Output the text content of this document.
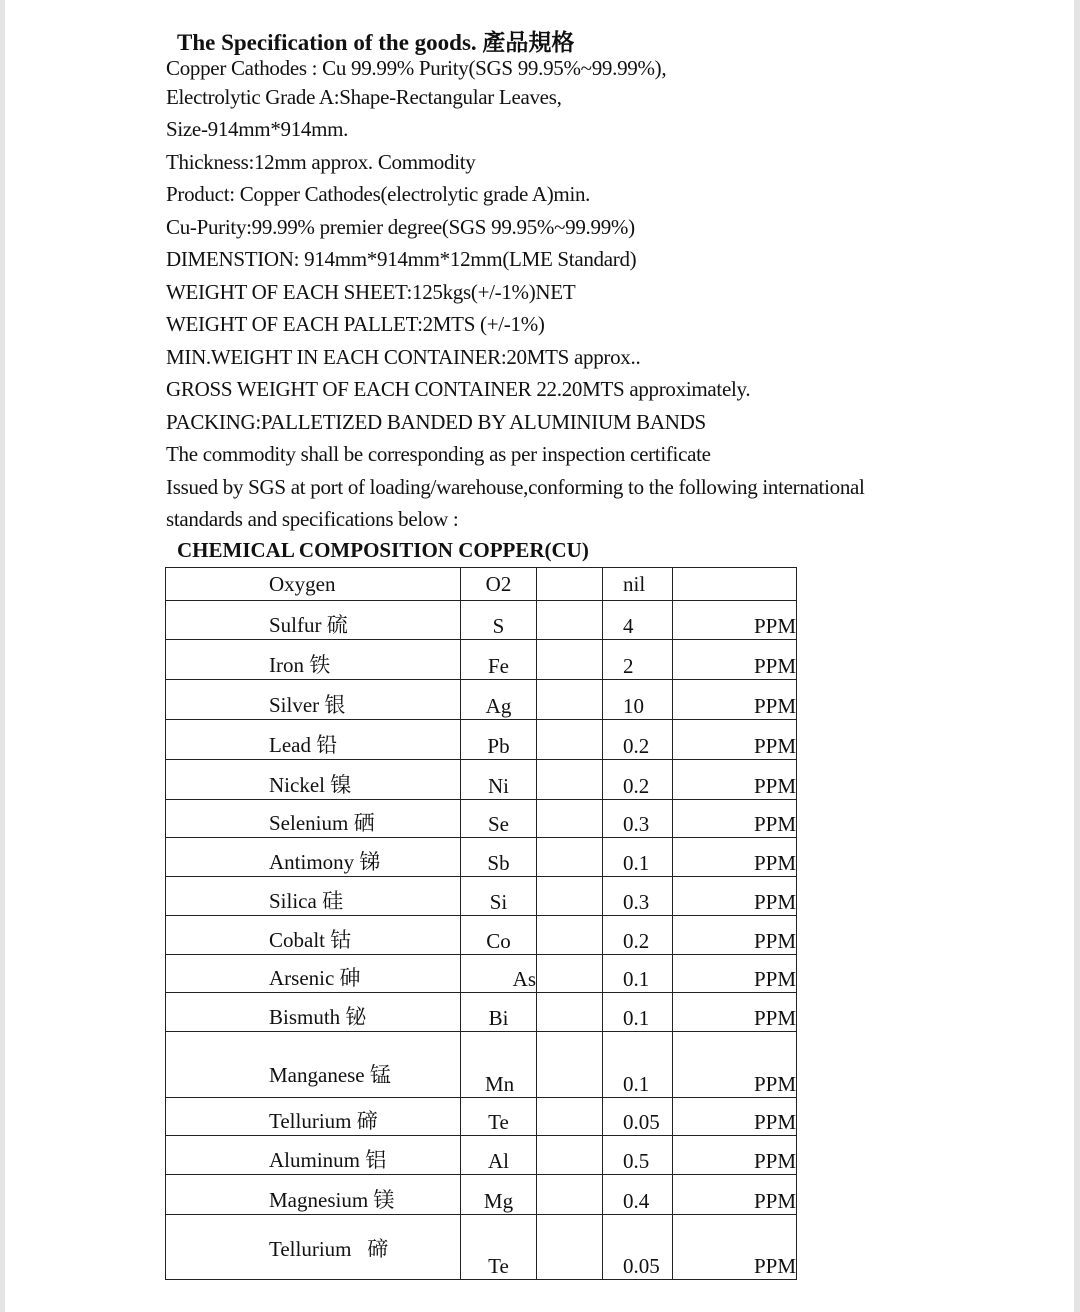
The Specification of the goods. 產品規格
Copper Cathodes : Cu 99.99% Purity(SGS 99.95%~99.99%),
Electrolytic Grade A:Shape-Rectangular Leaves,
Size-914mm*914mm.
Thickness:12mm approx. Commodity
Product: Copper Cathodes(electrolytic grade A)min.
Cu-Purity:99.99% premier degree(SGS 99.95%~99.99%)
DIMENSTION: 914mm*914mm*12mm(LME Standard)
WEIGHT OF EACH SHEET:125kgs(+/-1%)NET
WEIGHT OF EACH PALLET:2MTS (+/-1%)
MIN.WEIGHT IN EACH CONTAINER:20MTS approx..
GROSS WEIGHT OF EACH CONTAINER 22.20MTS approximately.
PACKING:PALLETIZED BANDED BY ALUMINIUM BANDS
The commodity shall be corresponding as per inspection certificate
Issued by SGS at port of loading/warehouse,conforming to the following international
standards and specifications below :
CHEMICAL COMPOSITION COPPER(CU)
Oxygen	O2		nil	
Sulfur 硫	S		4	PPM
Iron 铁	Fe		2	PPM
Silver 银	Ag		10	PPM
Lead 铅	Pb		0.2	PPM
Nickel 镍	Ni		0.2	PPM
Selenium 硒	Se		0.3	PPM
Antimony 锑	Sb		0.1	PPM
Silica 硅	Si		0.3	PPM
Cobalt 钴	Co		0.2	PPM
Arsenic 砷	As		0.1	PPM
Bismuth 铋	Bi		0.1	PPM
Manganese 锰	Mn		0.1	PPM
Tellurium 碲	Te		0.05	PPM
Aluminum 铝	Al		0.5	PPM
Magnesium 镁	Mg		0.4	PPM
Tellurium   碲	Te		0.05	PPM
